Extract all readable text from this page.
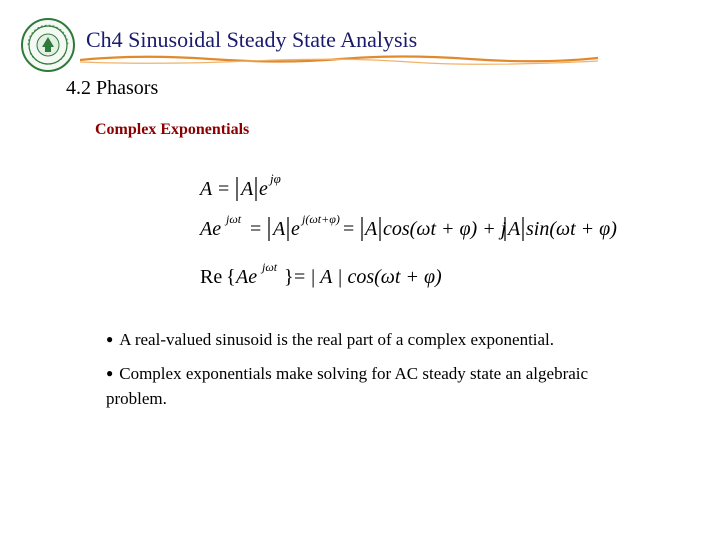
Ch4 Sinusoidal Steady State Analysis
4.2 Phasors
Complex Exponentials
A = A e jφ
Ae jωt = A e j(ωt+φ) = A cos(ωt + φ) + j A sin(ωt + φ)
Re { Ae jωt } = | A | cos(ωt + φ)
● A real-valued sinusoid is the real part of a complex exponential.
● Complex exponentials make solving for AC steady state an algebraic problem.
